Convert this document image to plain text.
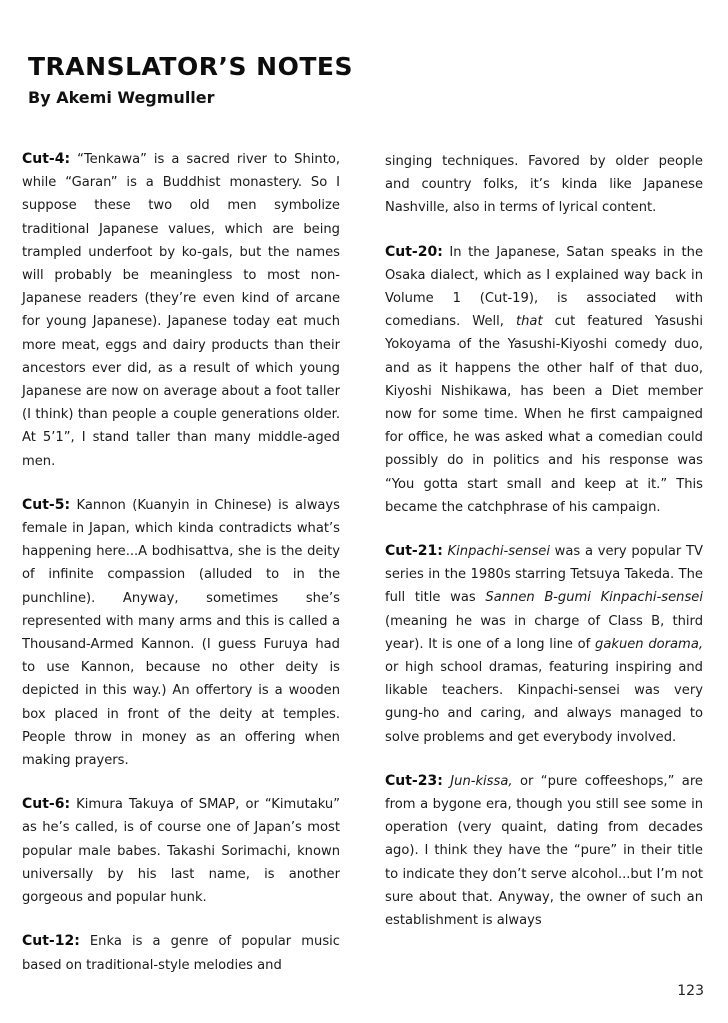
TRANSLATOR’S NOTES
By Akemi Wegmuller

Cut-4: “Tenkawa” is a sacred river to Shinto, while “Garan” is a Buddhist monastery. So I suppose these two old men symbolize traditional Japanese values, which are being trampled underfoot by ko-gals, but the names will probably be meaningless to most non-Japanese readers (they’re even kind of arcane for young Japanese). Japanese today eat much more meat, eggs and dairy products than their ancestors ever did, as a result of which young Japanese are now on average about a foot taller (I think) than people a couple generations older. At 5’1”, I stand taller than many middle-aged men.

Cut-5: Kannon (Kuanyin in Chinese) is always female in Japan, which kinda contradicts what’s happening here...A bodhisattva, she is the deity of infinite compassion (alluded to in the punchline). Anyway, sometimes she’s represented with many arms and this is called a Thousand-Armed Kannon. (I guess Furuya had to use Kannon, because no other deity is depicted in this way.) An offertory is a wooden box placed in front of the deity at temples. People throw in money as an offering when making prayers.

Cut-6: Kimura Takuya of SMAP, or “Kimutaku” as he’s called, is of course one of Japan’s most popular male babes. Takashi Sorimachi, known universally by his last name, is another gorgeous and popular hunk.

Cut-12: Enka is a genre of popular music based on traditional-style melodies and

singing techniques. Favored by older people and country folks, it’s kinda like Japanese Nashville, also in terms of lyrical content.

Cut-20: In the Japanese, Satan speaks in the Osaka dialect, which as I explained way back in Volume 1 (Cut-19), is associated with comedians. Well, that cut featured Yasushi Yokoyama of the Yasushi-Kiyoshi comedy duo, and as it happens the other half of that duo, Kiyoshi Nishikawa, has been a Diet member now for some time. When he first campaigned for office, he was asked what a comedian could possibly do in politics and his response was “You gotta start small and keep at it.” This became the catchphrase of his campaign.

Cut-21: Kinpachi-sensei was a very popular TV series in the 1980s starring Tetsuya Takeda. The full title was Sannen B-gumi Kinpachi-sensei (meaning he was in charge of Class B, third year). It is one of a long line of gakuen dorama, or high school dramas, featuring inspiring and likable teachers. Kinpachi-sensei was very gung-ho and caring, and always managed to solve problems and get everybody involved.

Cut-23: Jun-kissa, or “pure coffeeshops,” are from a bygone era, though you still see some in operation (very quaint, dating from decades ago). I think they have the “pure” in their title to indicate they don’t serve alcohol...but I’m not sure about that. Anyway, the owner of such an establishment is always

123
